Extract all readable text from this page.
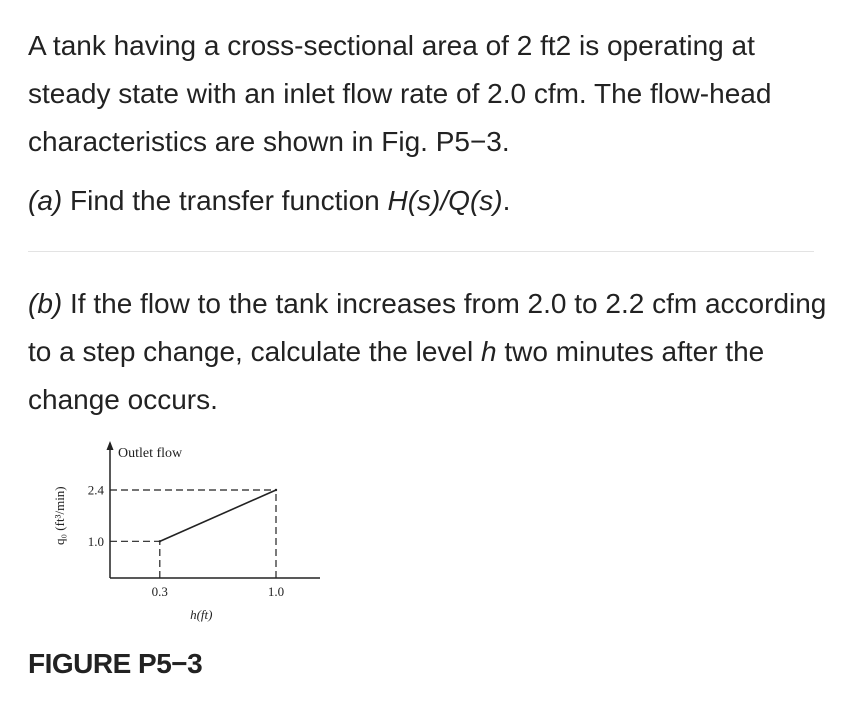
A tank having a cross-sectional area of 2 ft2 is operating at steady state with an inlet flow rate of 2.0 cfm. The flow-head characteristics are shown in Fig. P5−3.

(a) Find the transfer function H(s)/Q(s).

(b) If the flow to the tank increases from 2.0 to 2.2 cfm according to a step change, calculate the level h two minutes after the change occurs.

2.4
1.0
0.3	1.0
Outlet flow
h(ft)
q₀ (ft³/min)
FIGURE P5−3
